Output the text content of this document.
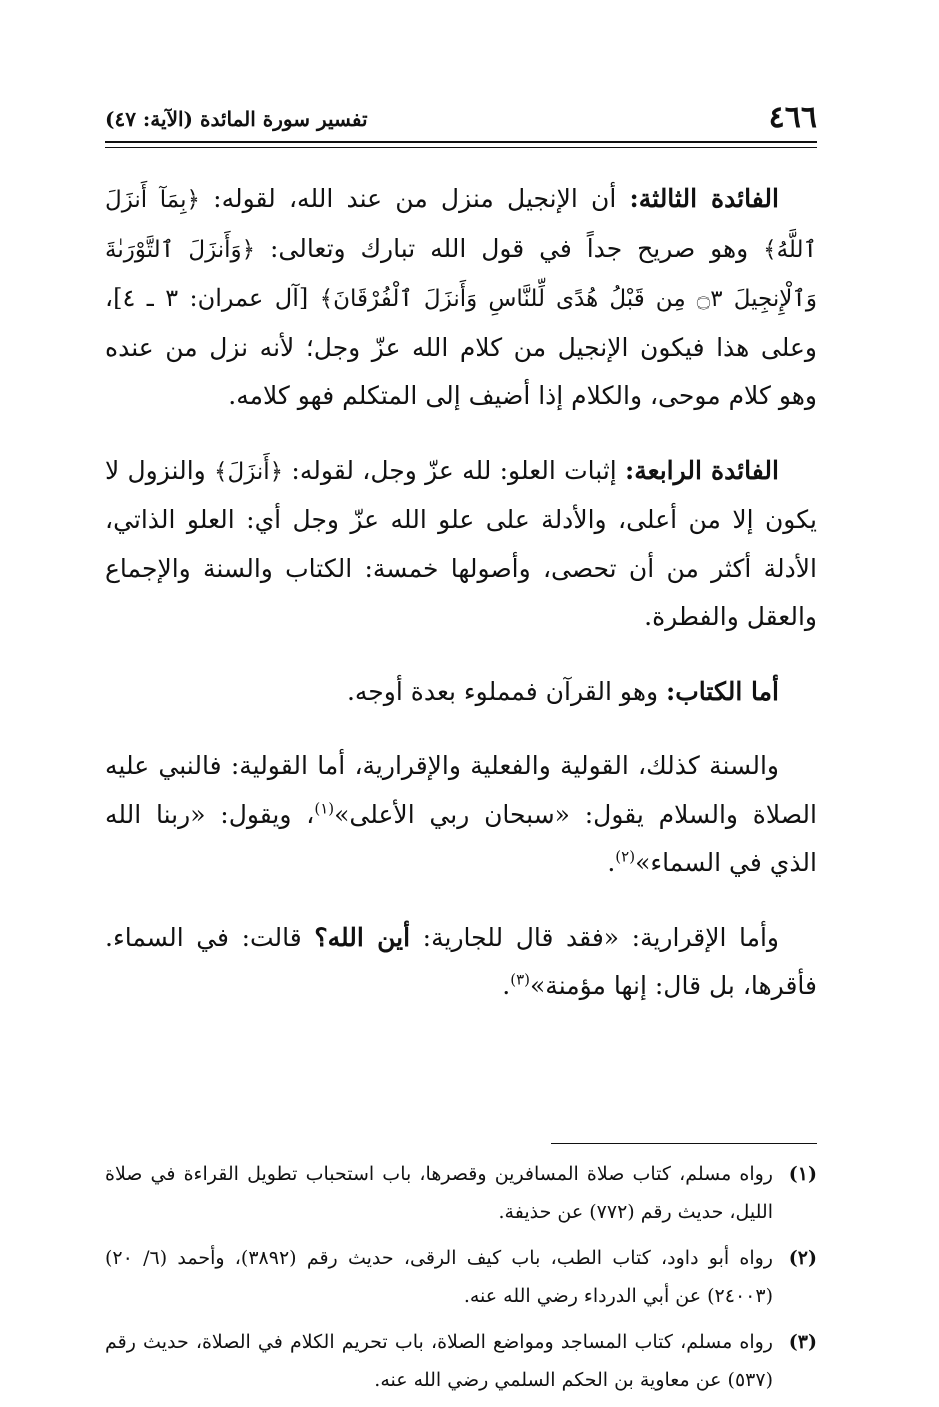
٤٦٦
تفسير سورة المائدة (الآية: ٤٧)

الفائدة الثالثة: أن الإنجيل منزل من عند الله، لقوله: ﴿بِمَآ أَنزَلَ ٱللَّهُ﴾ وهو صريح جداً في قول الله تبارك وتعالى: ﴿وَأَنزَلَ ٱلتَّوْرَىٰةَ وَٱلْإِنجِيلَ ۝٣ مِن قَبْلُ هُدًى لِّلنَّاسِ وَأَنزَلَ ٱلْفُرْقَانَ﴾ [آل عمران: ٣ ـ ٤]، وعلى هذا فيكون الإنجيل من كلام الله عزّ وجل؛ لأنه نزل من عنده وهو كلام موحى، والكلام إذا أضيف إلى المتكلم فهو كلامه.

الفائدة الرابعة: إثبات العلو: لله عزّ وجل، لقوله: ﴿أَنزَلَ﴾ والنزول لا يكون إلا من أعلى، والأدلة على علو الله عزّ وجل أي: العلو الذاتي، الأدلة أكثر من أن تحصى، وأصولها خمسة: الكتاب والسنة والإجماع والعقل والفطرة.

أما الكتاب: وهو القرآن فمملوء بعدة أوجه.

والسنة كذلك، القولية والفعلية والإقرارية، أما القولية: فالنبي عليه الصلاة والسلام يقول: «سبحان ربي الأعلى»$^{(١)}$، ويقول: «ربنا الله الذي في السماء»$^{(٢)}$.

وأما الإقرارية: «فقد قال للجارية: أين الله؟ قالت: في السماء. فأقرها، بل قال: إنها مؤمنة»$^{(٣)}$.

(١)
رواه مسلم، كتاب صلاة المسافرين وقصرها، باب استحباب تطويل القراءة في صلاة الليل، حديث رقم (٧٧٢) عن حذيفة.
(٢)
رواه أبو داود، كتاب الطب، باب كيف الرقى، حديث رقم (٣٨٩٢)، وأحمد (٦/ ٢٠) (٢٤٠٠٣) عن أبي الدرداء رضي الله عنه.
(٣)
رواه مسلم، كتاب المساجد ومواضع الصلاة، باب تحريم الكلام في الصلاة، حديث رقم (٥٣٧) عن معاوية بن الحكم السلمي رضي الله عنه.
